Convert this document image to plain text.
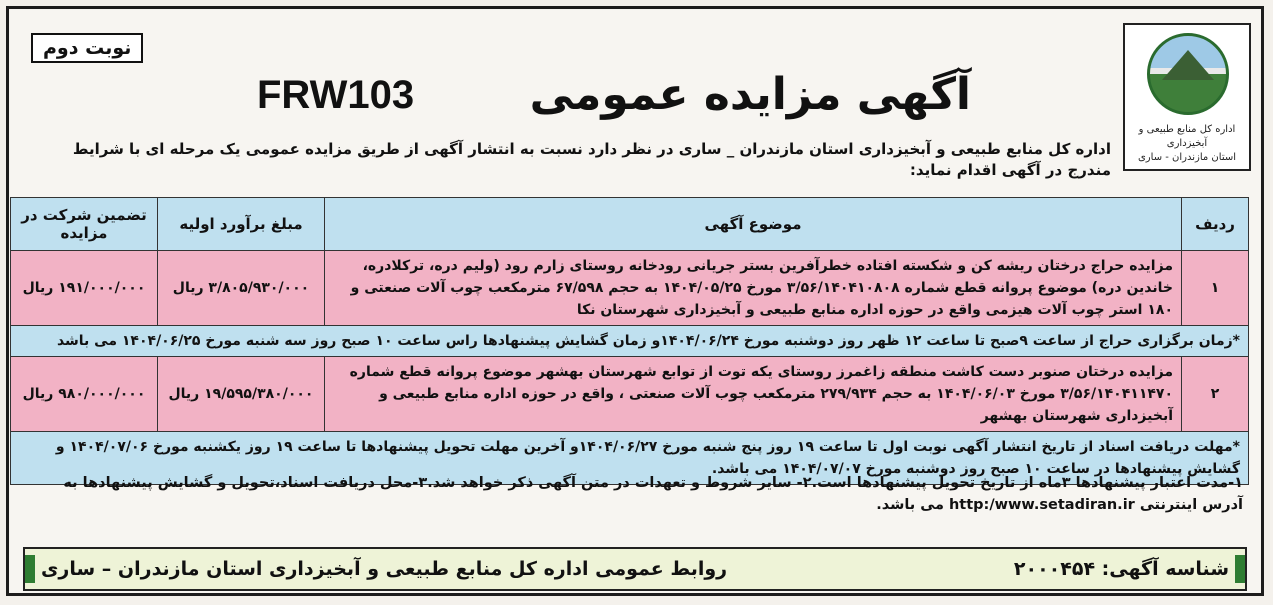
اداره کل منابع طبیعی و آبخیزداری
استان مازندران - ساری
نوبت دوم
آگهی مزایده عمومی
FRW103
اداره کل منابع طبیعی و آبخیزداری استان مازندران _ ساری در نظر دارد نسبت به انتشار آگهی از طریق مزایده عمومی یک مرحله ای با شرایط مندرج در آگهی اقدام نماید:
ردیف	موضوع آگهی	مبلغ برآورد اولیه	تضمین شرکت در مزایده
۱	مزایده حراج درختان ریشه کن و شکسته افتاده خطرآفرین بستر جریانی رودخانه روستای زارم رود (ولیم دره، ترکلادره، خاندین دره) موضوع پروانه قطع شماره ۳/۵۶/۱۴۰۴۱۰۸۰۸ مورخ ۱۴۰۴/۰۵/۲۵ به حجم ۶۷/۵۹۸ مترمکعب چوب آلات صنعتی و ۱۸۰ استر چوب آلات هیزمی واقع در حوزه اداره منابع طبیعی و آبخیزداری شهرستان نکا	۳/۸۰۵/۹۳۰/۰۰۰ ریال	۱۹۱/۰۰۰/۰۰۰ ریال
*زمان برگزاری حراج از ساعت ۹صبح تا ساعت ۱۲ ظهر روز دوشنبه مورخ ۱۴۰۴/۰۶/۲۴و زمان گشایش پیشنهادها راس ساعت ۱۰ صبح روز سه شنبه مورخ ۱۴۰۴/۰۶/۲۵ می باشد			
۲	مزایده درختان صنوبر دست کاشت منطقه زاغمرز روستای یکه توت از توابع شهرستان بهشهر موضوع پروانه قطع شماره ۳/۵۶/۱۴۰۴۱۱۴۷۰ مورخ ۱۴۰۴/۰۶/۰۳ به حجم ۲۷۹/۹۳۴ مترمکعب چوب آلات صنعتی ، واقع در حوزه اداره منابع طبیعی و آبخیزداری شهرستان بهشهر	۱۹/۵۹۵/۳۸۰/۰۰۰ ریال	۹۸۰/۰۰۰/۰۰۰ ریال
*مهلت دریافت اسناد از تاریخ انتشار آگهی نوبت اول تا ساعت ۱۹ روز پنج شنبه مورخ ۱۴۰۴/۰۶/۲۷و آخرین مهلت تحویل پیشنهادها تا ساعت ۱۹ روز یکشنبه مورخ ۱۴۰۴/۰۷/۰۶ و گشایش پیشنهادها در ساعت ۱۰ صبح روز دوشنبه مورخ ۱۴۰۴/۰۷/۰۷ می باشد.			
۱-مدت اعتبار پیشنهادها ۳ماه از تاریخ تحویل پیشنهادها است.۲- سایر شروط و تعهدات در متن آگهی ذکر خواهد شد.۳-محل دریافت اسناد،تحویل و گشایش پیشنهادها به آدرس اینترنتی http:/www.setadiran.ir می باشد.
شناسه آگهی: ۲۰۰۰۴۵۴
روابط عمومی اداره کل منابع طبیعی و آبخیزداری استان مازندران – ساری
